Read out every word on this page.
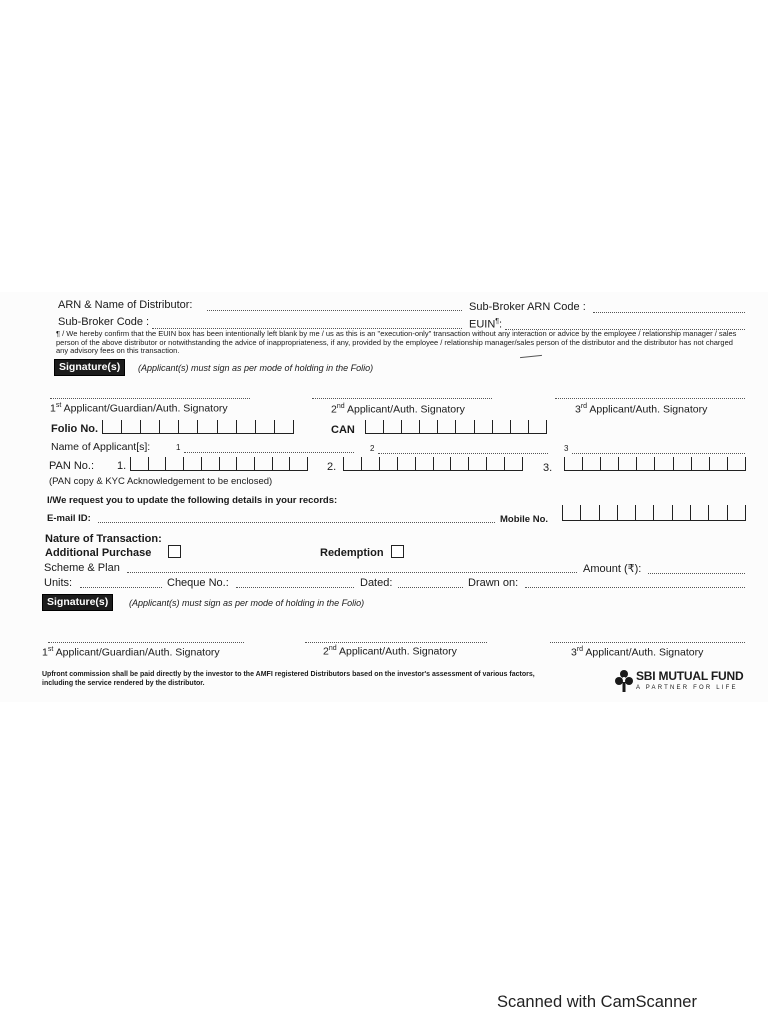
ARN & Name of Distributor:	Sub-Broker ARN Code :
Sub-Broker Code :	EUIN¶:
¶ / We hereby confirm that the EUIN box has been intentionally left blank by me / us as this is an "execution-only" transaction without any interaction or advice by the employee / relationship manager / sales person of the above distributor or notwithstanding the advice of inappropriateness, if any, provided by the employee / relationship manager/sales person of the distributor and the distributor has not charged any advisory fees on this transaction.
Signature(s)	(Applicant(s) must sign as per mode of holding in the Folio)
1st Applicant/Guardian/Auth. Signatory	2nd Applicant/Auth. Signatory	3rd Applicant/Auth. Signatory
Folio No.	CAN
Name of Applicant[s]:	1	2	3
PAN No.: 1.	2.	3.
(PAN copy & KYC Acknowledgement to be enclosed)
I/We request you to update the following details in your records:
E-mail ID:	Mobile No.
Nature of Transaction:
Additional Purchase	Redemption
Scheme & Plan	Amount (₹):
Units:	Cheque No.:	Dated:	Drawn on:
Signature(s)	(Applicant(s) must sign as per mode of holding in the Folio)
1st Applicant/Guardian/Auth. Signatory	2nd Applicant/Auth. Signatory	3rd Applicant/Auth. Signatory
Upfront commission shall be paid directly by the investor to the AMFI registered Distributors based on the investor's assessment of various factors, including the service rendered by the distributor.	SBI MUTUAL FUND
A PARTNER FOR LIFE
Scanned with CamScanner
